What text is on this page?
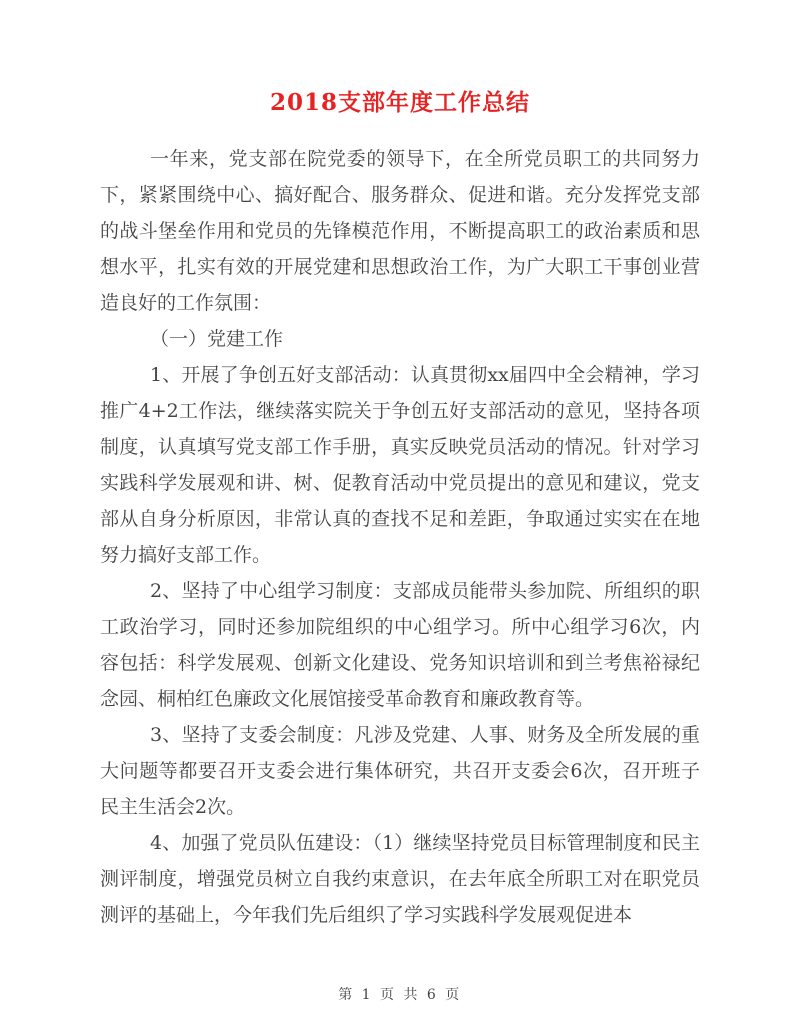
2018支部年度工作总结

一年来，党支部在院党委的领导下，在全所党员职工的共同努力下，紧紧围绕中心、搞好配合、服务群众、促进和谐。充分发挥党支部的战斗堡垒作用和党员的先锋模范作用，不断提高职工的政治素质和思想水平，扎实有效的开展党建和思想政治工作，为广大职工干事创业营造良好的工作氛围：

（一）党建工作

1、开展了争创五好支部活动：认真贯彻xx届四中全会精神，学习推广4+2工作法，继续落实院关于争创五好支部活动的意见，坚持各项制度，认真填写党支部工作手册，真实反映党员活动的情况。针对学习实践科学发展观和讲、树、促教育活动中党员提出的意见和建议，党支部从自身分析原因，非常认真的查找不足和差距，争取通过实实在在地努力搞好支部工作。

2、坚持了中心组学习制度：支部成员能带头参加院、所组织的职工政治学习，同时还参加院组织的中心组学习。所中心组学习6次，内容包括：科学发展观、创新文化建设、党务知识培训和到兰考焦裕禄纪念园、桐柏红色廉政文化展馆接受革命教育和廉政教育等。

3、坚持了支委会制度：凡涉及党建、人事、财务及全所发展的重大问题等都要召开支委会进行集体研究，共召开支委会6次，召开班子民主生活会2次。

4、加强了党员队伍建设：（1）继续坚持党员目标管理制度和民主测评制度，增强党员树立自我约束意识，在去年底全所职工对在职党员测评的基础上，今年我们先后组织了学习实践科学发展观促进本

第 1 页 共 6 页
